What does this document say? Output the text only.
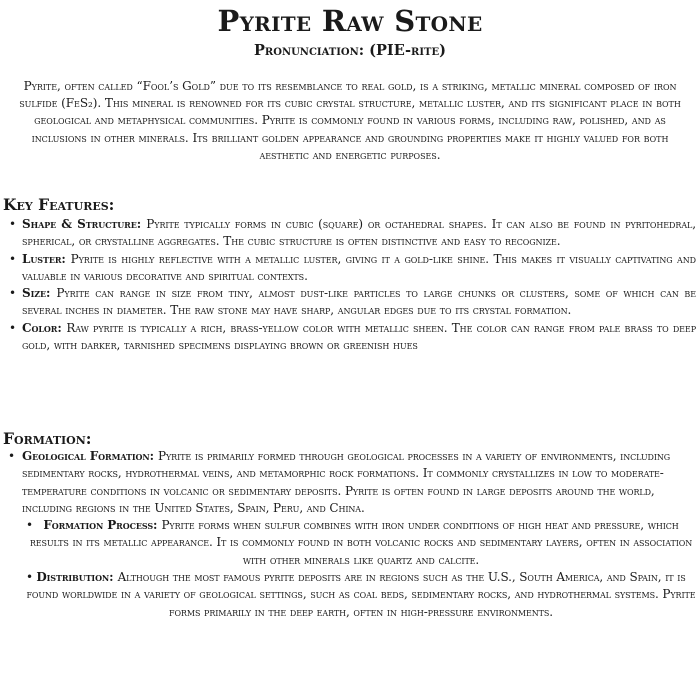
Pyrite Raw Stone
Pronunciation: (PIE-rite)
Pyrite, often called “Fool’s Gold” due to its resemblance to real gold, is a striking, metallic mineral composed of iron sulfide (FeS₂). This mineral is renowned for its cubic crystal structure, metallic luster, and its significant place in both geological and metaphysical communities. Pyrite is commonly found in various forms, including raw, polished, and as inclusions in other minerals. Its brilliant golden appearance and grounding properties make it highly valued for both aesthetic and energetic purposes.
Key Features:
• Shape & Structure: Pyrite typically forms in cubic (square) or octahedral shapes. It can also be found in pyritohedral, spherical, or crystalline aggregates. The cubic structure is often distinctive and easy to recognize.
• Luster: Pyrite is highly reflective with a metallic luster, giving it a gold-like shine. This makes it visually captivating and valuable in various decorative and spiritual contexts.
• Size: Pyrite can range in size from tiny, almost dust-like particles to large chunks or clusters, some of which can be several inches in diameter. The raw stone may have sharp, angular edges due to its crystal formation.
• Color: Raw pyrite is typically a rich, brass-yellow color with metallic sheen. The color can range from pale brass to deep gold, with darker, tarnished specimens displaying brown or greenish hues
Formation:
• Geological Formation: Pyrite is primarily formed through geological processes in a variety of environments, including sedimentary rocks, hydrothermal veins, and metamorphic rock formations. It commonly crystallizes in low to moderate-temperature conditions in volcanic or sedimentary deposits. Pyrite is often found in large deposits around the world, including regions in the United States, Spain, Peru, and China.
• Formation Process: Pyrite forms when sulfur combines with iron under conditions of high heat and pressure, which results in its metallic appearance. It is commonly found in both volcanic rocks and sedimentary layers, often in association with other minerals like quartz and calcite.
• Distribution: Although the most famous pyrite deposits are in regions such as the U.S., South America, and Spain, it is found worldwide in a variety of geological settings, such as coal beds, sedimentary rocks, and hydrothermal systems. Pyrite forms primarily in the deep earth, often in high-pressure environments.
